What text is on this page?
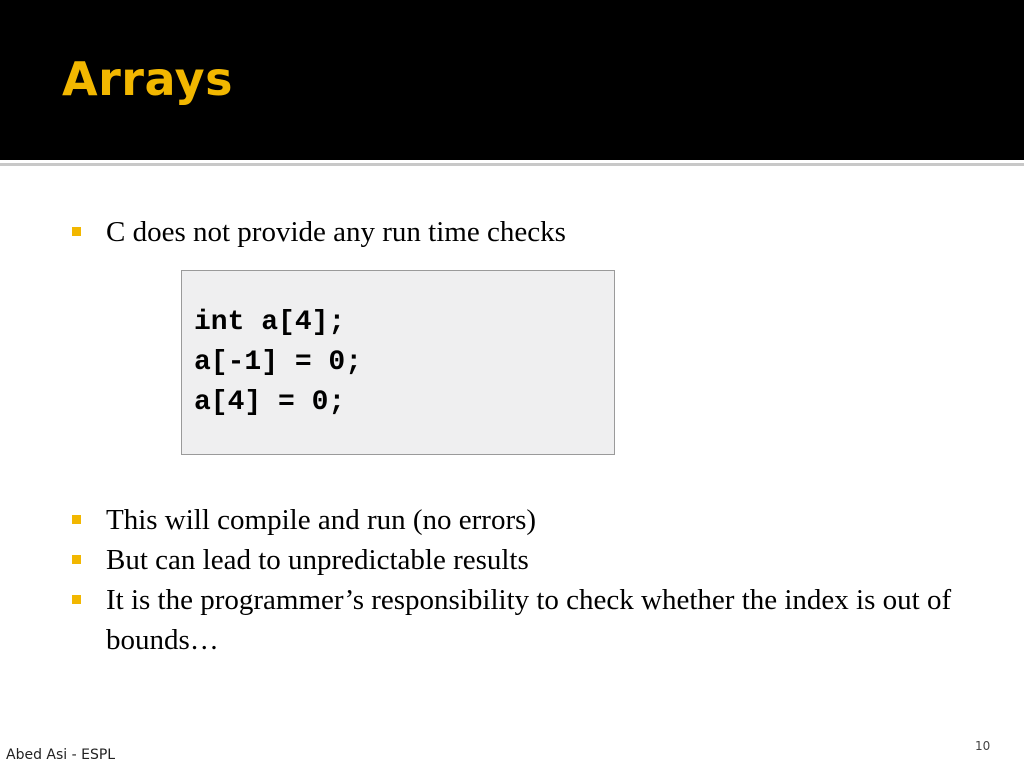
Arrays
C does not provide any run time checks
int a[4];
a[-1] = 0;
a[4] = 0;
This will compile and run (no errors)
But can lead to unpredictable results
It is the programmer’s responsibility to check whether the index is out of bounds…
Abed Asi - ESPL
10
